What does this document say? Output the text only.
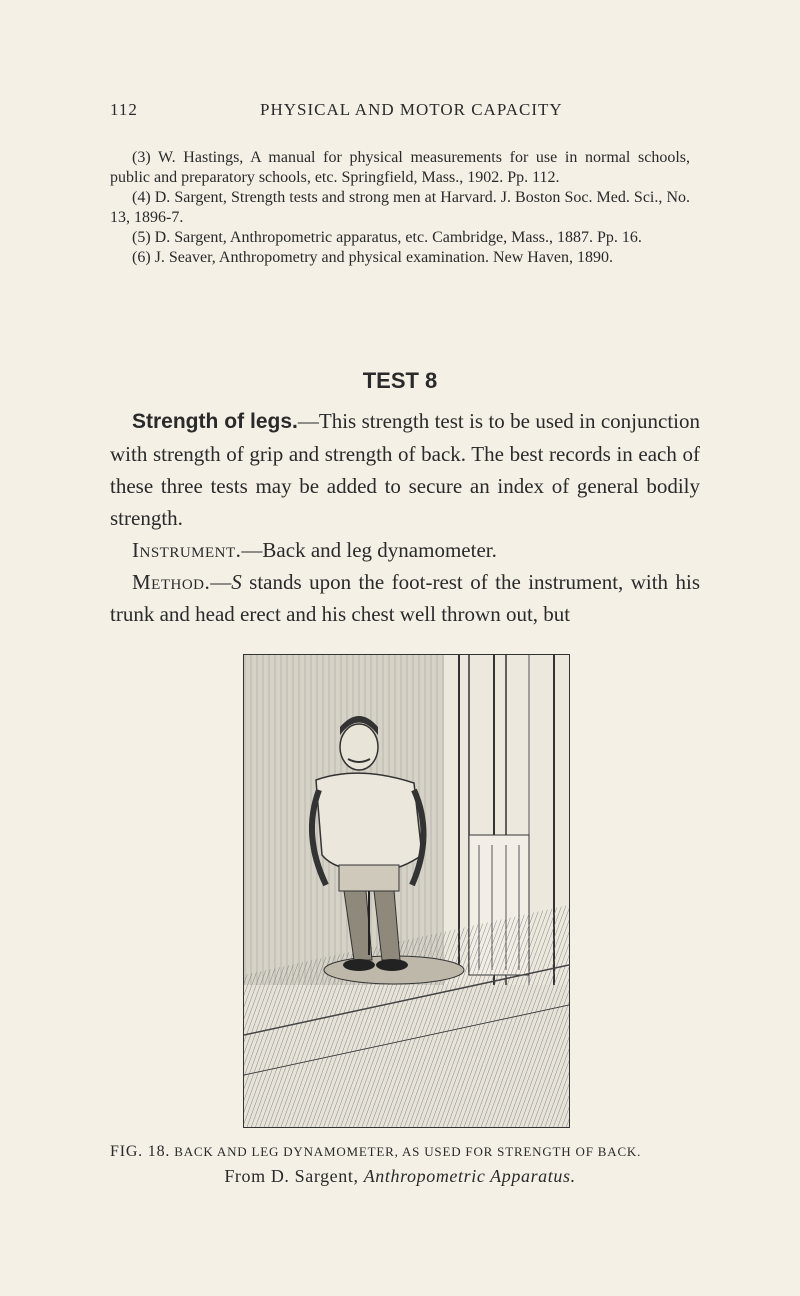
112	PHYSICAL AND MOTOR CAPACITY

(3) W. Hastings, A manual for physical measurements for use in normal schools, public and preparatory schools, etc. Springfield, Mass., 1902. Pp. 112.

(4) D. Sargent, Strength tests and strong men at Harvard. J. Boston Soc. Med. Sci., No. 13, 1896-7.

(5) D. Sargent, Anthropometric apparatus, etc. Cambridge, Mass., 1887. Pp. 16.

(6) J. Seaver, Anthropometry and physical examination. New Haven, 1890.

TEST 8

Strength of legs.—This strength test is to be used in conjunction with strength of grip and strength of back. The best records in each of these three tests may be added to secure an index of general bodily strength.

Instrument.—Back and leg dynamometer.

Method.—S stands upon the foot-rest of the instrument, with his trunk and head erect and his chest well thrown out, but

FIG. 18. BACK AND LEG DYNAMOMETER, AS USED FOR STRENGTH OF BACK.
From D. Sargent, Anthropometric Apparatus.
